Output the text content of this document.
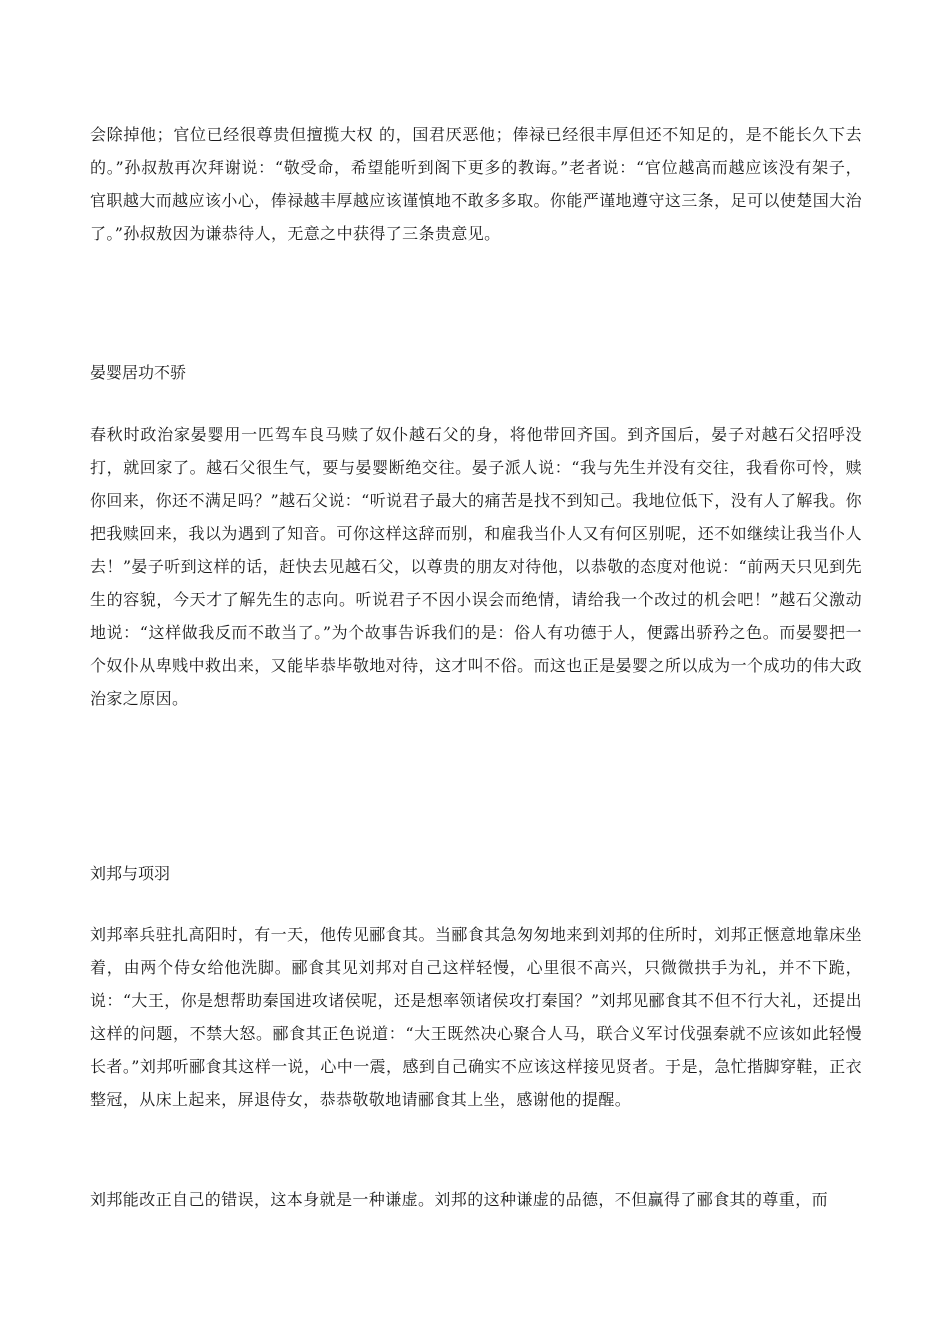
会除掉他；官位已经很尊贵但擅揽大权 的，国君厌恶他；俸禄已经很丰厚但还不知足的，是不能长久下去的。”孙叔敖再次拜谢说：“敬受命，希望能听到阁下更多的教诲。”老者说：“官位越高而越应该没有架子，官职越大而越应该小心，俸禄越丰厚越应该谨慎地不敢多多取。你能严谨地遵守这三条，足可以使楚国大治了。”孙叔敖因为谦恭待人，无意之中获得了三条贵意见。

晏婴居功不骄

春秋时政治家晏婴用一匹驾车良马赎了奴仆越石父的身，将他带回齐国。到齐国后，晏子对越石父招呼没打，就回家了。越石父很生气，要与晏婴断绝交往。晏子派人说：“我与先生并没有交往，我看你可怜，赎你回来，你还不满足吗？”越石父说：“听说君子最大的痛苦是找不到知己。我地位低下，没有人了解我。你把我赎回来，我以为遇到了知音。可你这样这辞而别，和雇我当仆人又有何区别呢，还不如继续让我当仆人去！”晏子听到这样的话，赶快去见越石父，以尊贵的朋友对待他，以恭敬的态度对他说：“前两天只见到先生的容貌，今天才了解先生的志向。听说君子不因小误会而绝情，请给我一个改过的机会吧！”越石父激动地说：“这样做我反而不敢当了。”为个故事告诉我们的是：俗人有功德于人，便露出骄矜之色。而晏婴把一个奴仆从卑贱中救出来，又能毕恭毕敬地对待，这才叫不俗。而这也正是晏婴之所以成为一个成功的伟大政治家之原因。

刘邦与项羽

刘邦率兵驻扎高阳时，有一天，他传见郦食其。当郦食其急匆匆地来到刘邦的住所时，刘邦正惬意地靠床坐着，由两个侍女给他洗脚。郦食其见刘邦对自己这样轻慢，心里很不高兴，只微微拱手为礼，并不下跪，说：“大王，你是想帮助秦国进攻诸侯呢，还是想率领诸侯攻打秦国？”刘邦见郦食其不但不行大礼，还提出这样的问题，不禁大怒。郦食其正色说道：“大王既然决心聚合人马，联合义军讨伐强秦就不应该如此轻慢长者。”刘邦听郦食其这样一说，心中一震，感到自己确实不应该这样接见贤者。于是，急忙揩脚穿鞋，正衣整冠，从床上起来，屏退侍女，恭恭敬敬地请郦食其上坐，感谢他的提醒。

刘邦能改正自己的错误，这本身就是一种谦虚。刘邦的这种谦虚的品德，不但赢得了郦食其的尊重，而
